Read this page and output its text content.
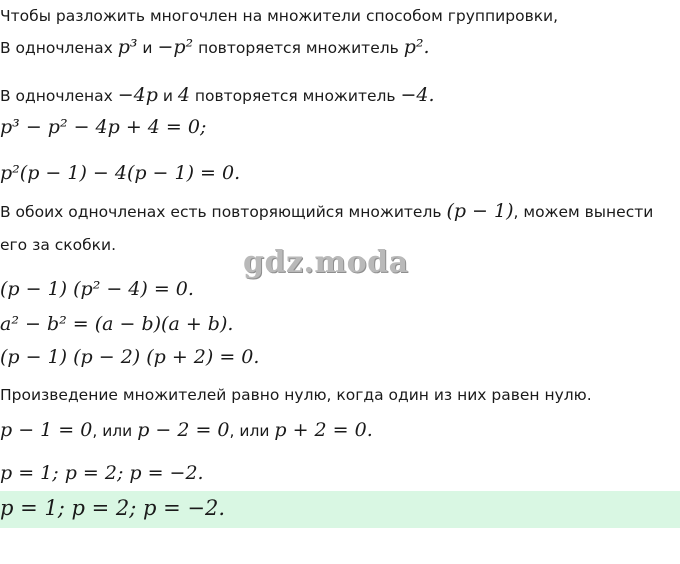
Чтобы разложить многочлен на множители способом группировки,
В одночленах p³ и −p² повторяется множитель p².
В одночленах −4p и 4 повторяется множитель −4.
p³ − p² − 4p + 4 = 0;
p²(p − 1) − 4(p − 1) = 0.
В обоих одночленах есть повторяющийся множитель (p − 1), можем вынести
его за скобки.	gdz.moda
(p − 1) (p² − 4) = 0.
a² − b² = (a − b)(a + b).
(p − 1) (p − 2) (p + 2) = 0.
Произведение множителей равно нулю, когда один из них равен нулю.
p − 1 = 0, или p − 2 = 0, или p + 2 = 0.
p = 1; p = 2; p = −2.
p = 1; p = 2; p = −2.
